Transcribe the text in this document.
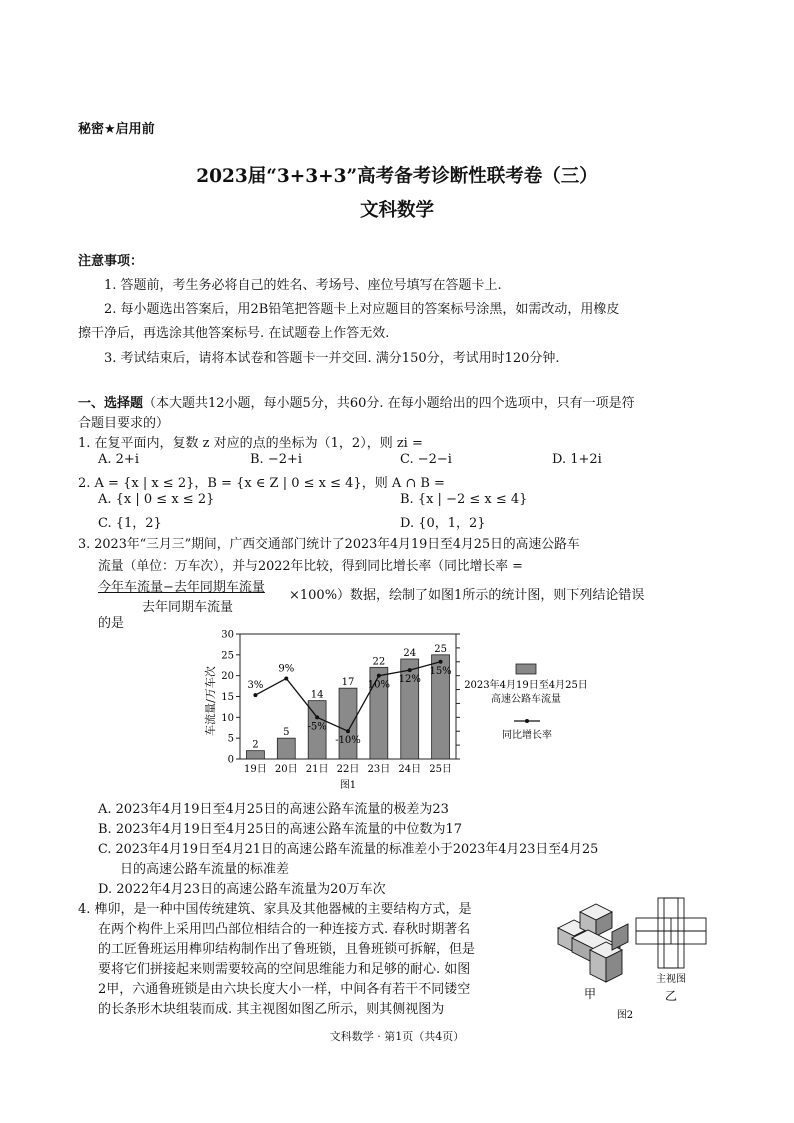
秘密★启用前
2023届“3+3+3”高考备考诊断性联考卷（三）
文科数学
注意事项：
1. 答题前，考生务必将自己的姓名、考场号、座位号填写在答题卡上.
2. 每小题选出答案后，用2B铅笔把答题卡上对应题目的答案标号涂黑，如需改动，用橡皮
擦干净后，再选涂其他答案标号. 在试题卷上作答无效.
3. 考试结束后，请将本试卷和答题卡一并交回. 满分150分，考试用时120分钟.
一、选择题（本大题共12小题，每小题5分，共60分. 在每小题给出的四个选项中，只有一项是符
合题目要求的）
1. 在复平面内，复数 z 对应的点的坐标为（1，2），则 zi =
A. 2+i	B. −2+i	C. −2−i	D. 1+2i
2. A = {x | x ≤ 2}，B = {x ∈ Z | 0 ≤ x ≤ 4}，则 A ∩ B =
A. {x | 0 ≤ x ≤ 2}	B. {x | −2 ≤ x ≤ 4}
C. {1，2}	D. {0，1，2}
3. 2023年“三月三”期间，广西交通部门统计了2023年4月19日至4月25日的高速公路车
流量（单位：万车次），并与2022年比较，得到同比增长率（同比增长率 =
今年车流量−去年同期车流量
去年同期车流量
×100%）数据，绘制了如图1所示的统计图，则下列结论错误
的是
车流量/万车次
0
5
10
15
20
25
30
2
5
14
17
22
24 25
3%
9%
-5%
-10%
10%
12%
15%
19日 20日 21日 22日 23日 24日 25日
2023年4月19日至4月25日
高速公路车流量
同比增长率
图1
A. 2023年4月19日至4月25日的高速公路车流量的极差为23
B. 2023年4月19日至4月25日的高速公路车流量的中位数为17
C. 2023年4月19日至4月21日的高速公路车流量的标准差小于2023年4月23日至4月25
日的高速公路车流量的标准差
D. 2022年4月23日的高速公路车流量为20万车次
4. 榫卯，是一种中国传统建筑、家具及其他器械的主要结构方式，是
在两个构件上采用凹凸部位相结合的一种连接方式. 春秋时期著名
的工匠鲁班运用榫卯结构制作出了鲁班锁，且鲁班锁可拆解，但是
要将它们拼接起来则需要较高的空间思维能力和足够的耐心. 如图
2甲，六通鲁班锁是由六块长度大小一样，中间各有若干不同镂空
的长条形木块组装而成. 其主视图如图乙所示，则其侧视图为
甲
主视图
乙
图2
文科数学 · 第1页（共4页）
